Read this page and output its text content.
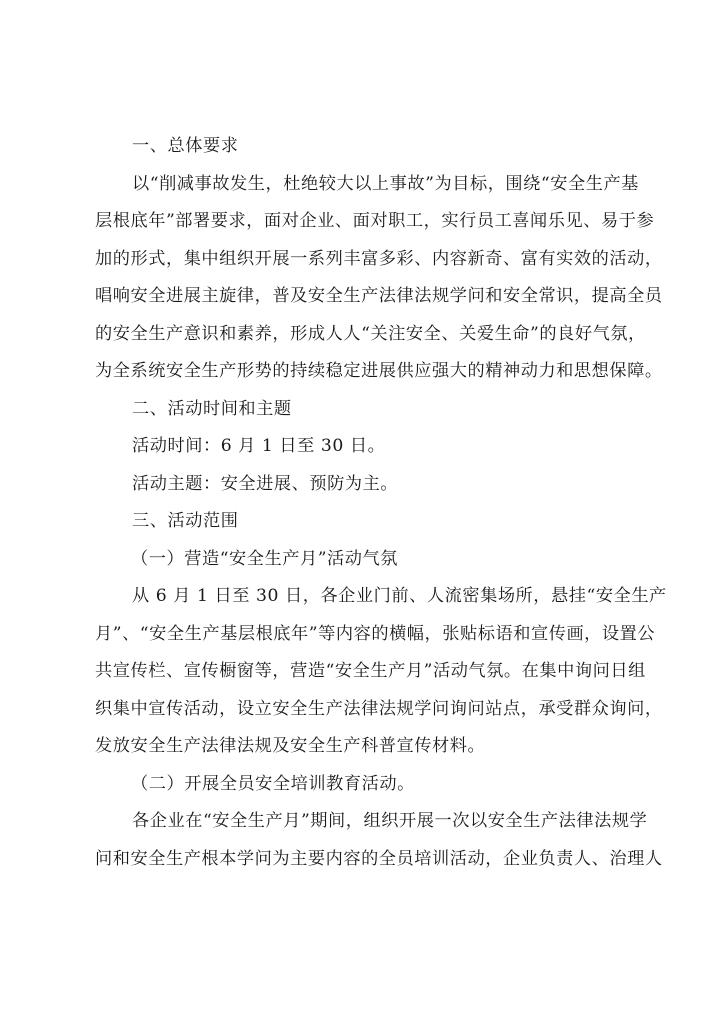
一、总体要求
以“削减事故发生，杜绝较大以上事故”为目标，围绕“安全生产基
层根底年”部署要求，面对企业、面对职工，实行员工喜闻乐见、易于参
加的形式，集中组织开展一系列丰富多彩、内容新奇、富有实效的活动，
唱响安全进展主旋律，普及安全生产法律法规学问和安全常识，提高全员
的安全生产意识和素养，形成人人“关注安全、关爱生命”的良好气氛，
为全系统安全生产形势的持续稳定进展供应强大的精神动力和思想保障。
二、活动时间和主题
活动时间：6 月 1 日至 30 日。
活动主题：安全进展、预防为主。
三、活动范围
（一）营造“安全生产月”活动气氛
从 6 月 1 日至 30 日，各企业门前、人流密集场所，悬挂“安全生产
月”、“安全生产基层根底年”等内容的横幅，张贴标语和宣传画，设置公
共宣传栏、宣传橱窗等，营造“安全生产月”活动气氛。在集中询问日组
织集中宣传活动，设立安全生产法律法规学问询问站点，承受群众询问，
发放安全生产法律法规及安全生产科普宣传材料。
（二）开展全员安全培训教育活动。
各企业在“安全生产月”期间，组织开展一次以安全生产法律法规学
问和安全生产根本学问为主要内容的全员培训活动，企业负责人、治理人
